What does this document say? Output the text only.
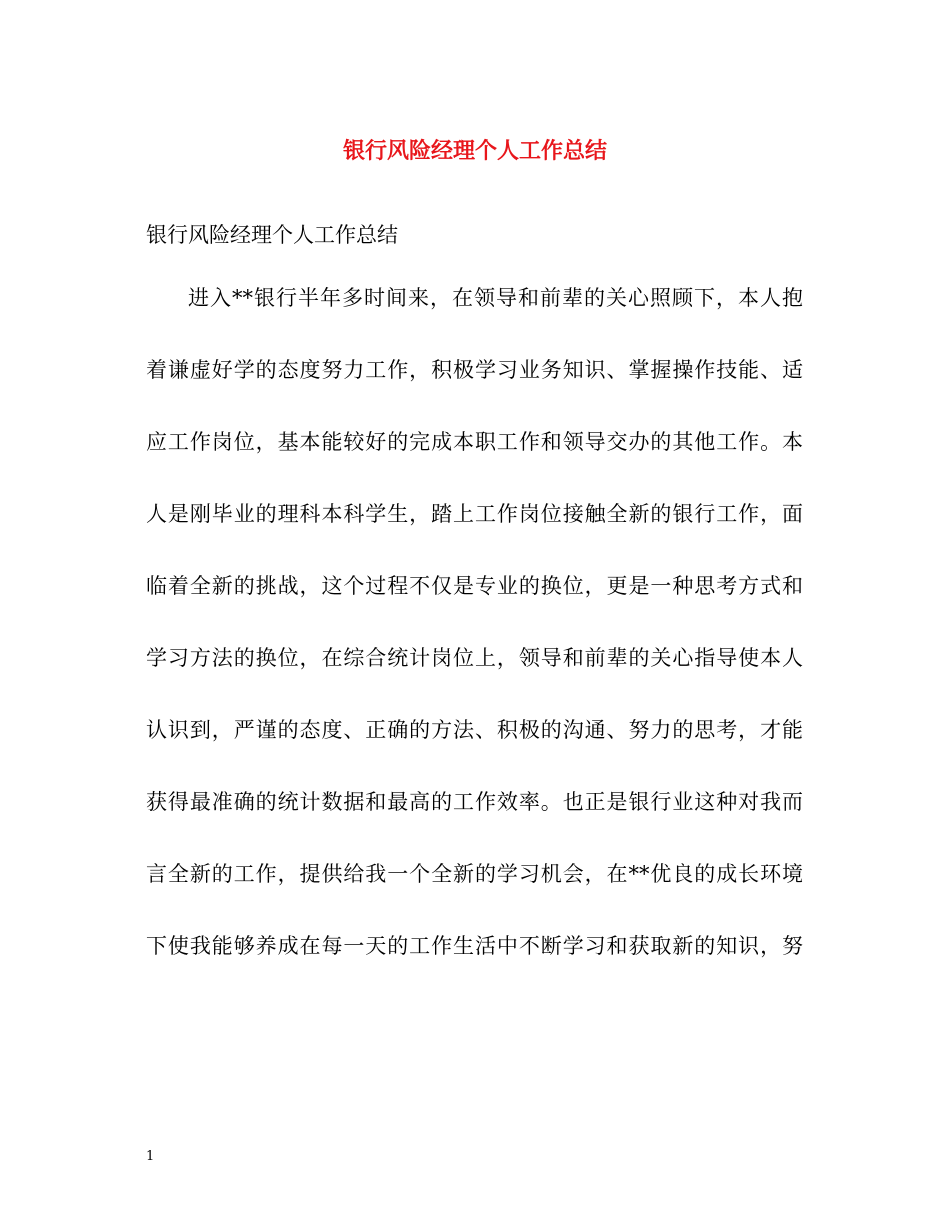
银行风险经理个人工作总结

银行风险经理个人工作总结

进入**银行半年多时间来，在领导和前辈的关心照顾下，本人抱
着谦虚好学的态度努力工作，积极学习业务知识、掌握操作技能、适
应工作岗位，基本能较好的完成本职工作和领导交办的其他工作。本
人是刚毕业的理科本科学生，踏上工作岗位接触全新的银行工作，面
临着全新的挑战，这个过程不仅是专业的换位，更是一种思考方式和
学习方法的换位，在综合统计岗位上，领导和前辈的关心指导使本人
认识到，严谨的态度、正确的方法、积极的沟通、努力的思考，才能
获得最准确的统计数据和最高的工作效率。也正是银行业这种对我而
言全新的工作，提供给我一个全新的学习机会，在**优良的成长环境
下使我能够养成在每一天的工作生活中不断学习和获取新的知识，努

1
